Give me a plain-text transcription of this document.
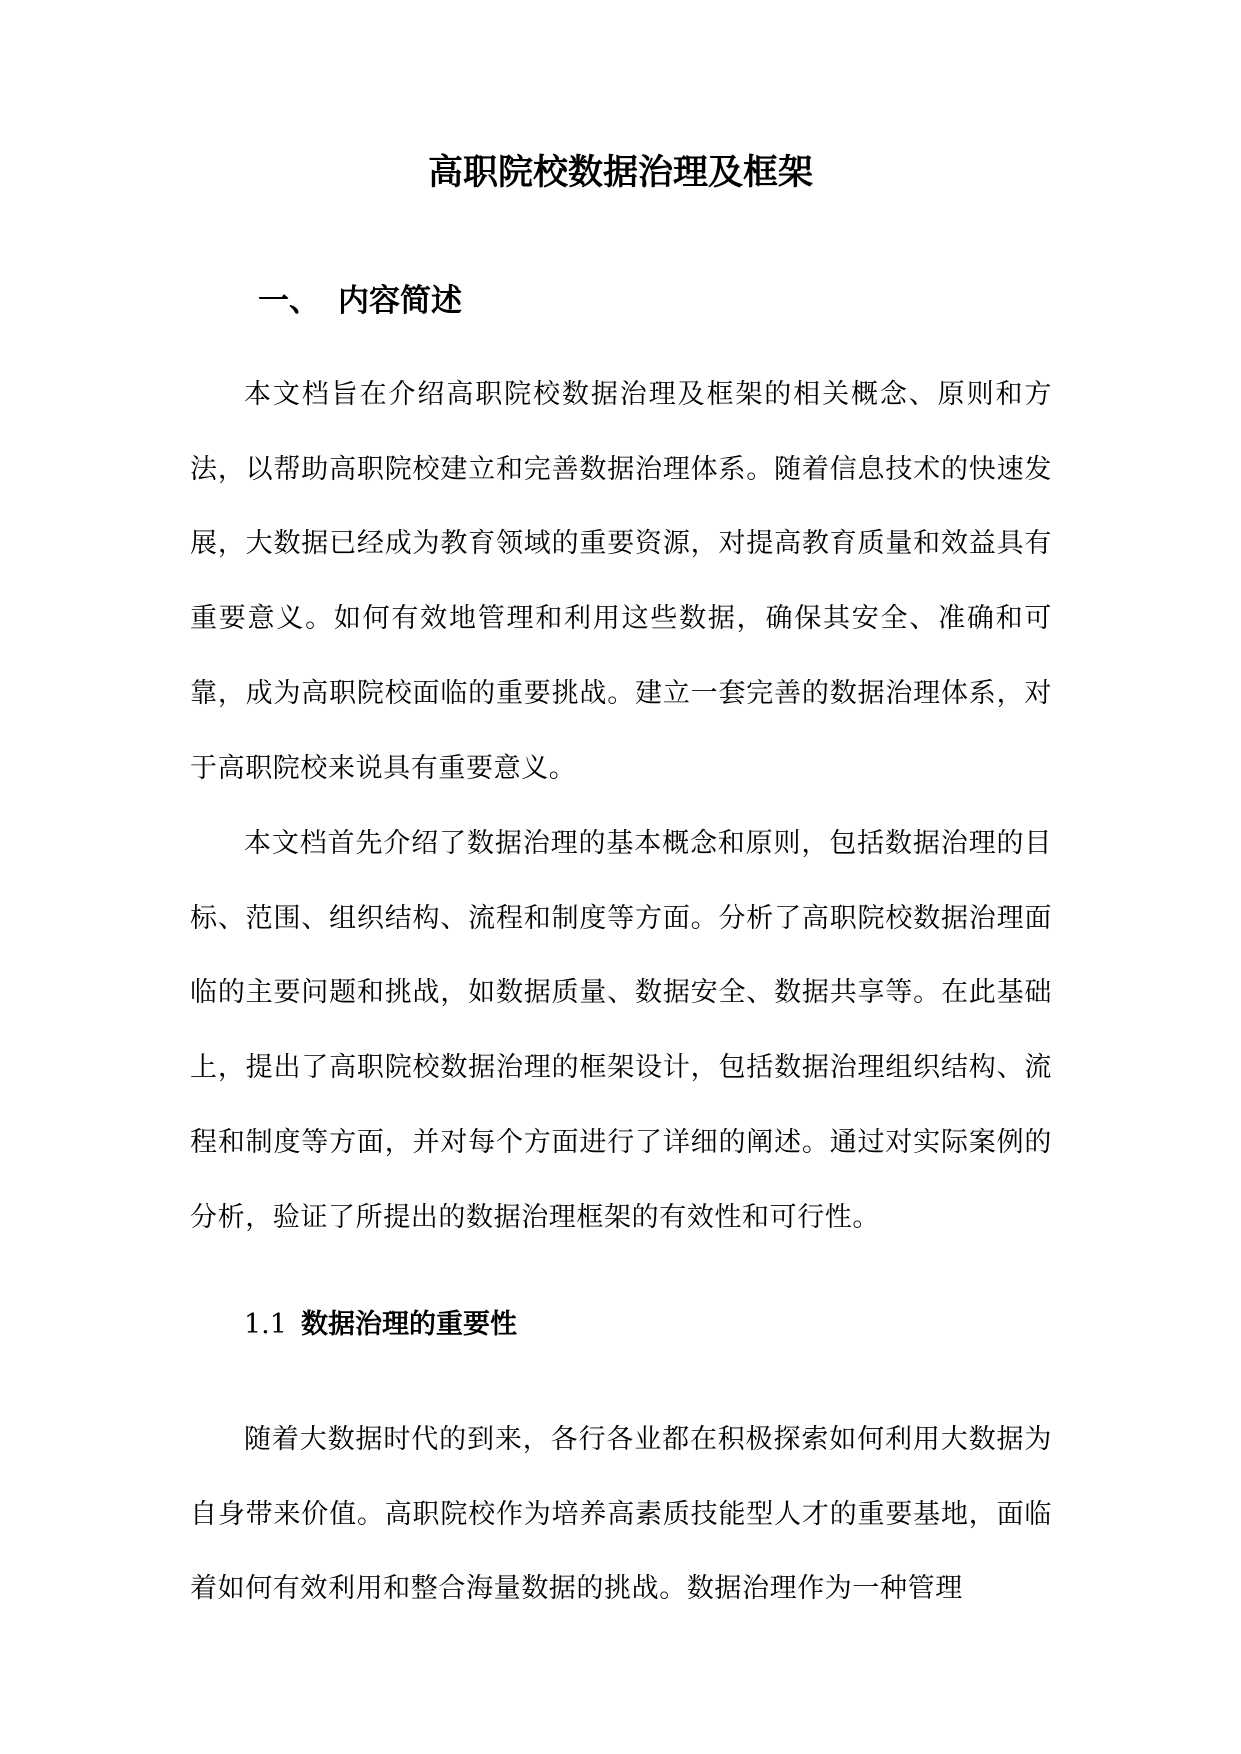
高职院校数据治理及框架
一、 内容简述

本文档旨在介绍高职院校数据治理及框架的相关概念、原则和方法，以帮助高职院校建立和完善数据治理体系。随着信息技术的快速发展，大数据已经成为教育领域的重要资源，对提高教育质量和效益具有重要意义。如何有效地管理和利用这些数据，确保其安全、准确和可靠，成为高职院校面临的重要挑战。建立一套完善的数据治理体系，对于高职院校来说具有重要意义。

本文档首先介绍了数据治理的基本概念和原则，包括数据治理的目标、范围、组织结构、流程和制度等方面。分析了高职院校数据治理面临的主要问题和挑战，如数据质量、数据安全、数据共享等。在此基础上，提出了高职院校数据治理的框架设计，包括数据治理组织结构、流程和制度等方面，并对每个方面进行了详细的阐述。通过对实际案例的分析，验证了所提出的数据治理框架的有效性和可行性。

1.1 数据治理的重要性

随着大数据时代的到来，各行各业都在积极探索如何利用大数据为自身带来价值。高职院校作为培养高素质技能型人才的重要基地，面临着如何有效利用和整合海量数据的挑战。数据治理作为一种管理
